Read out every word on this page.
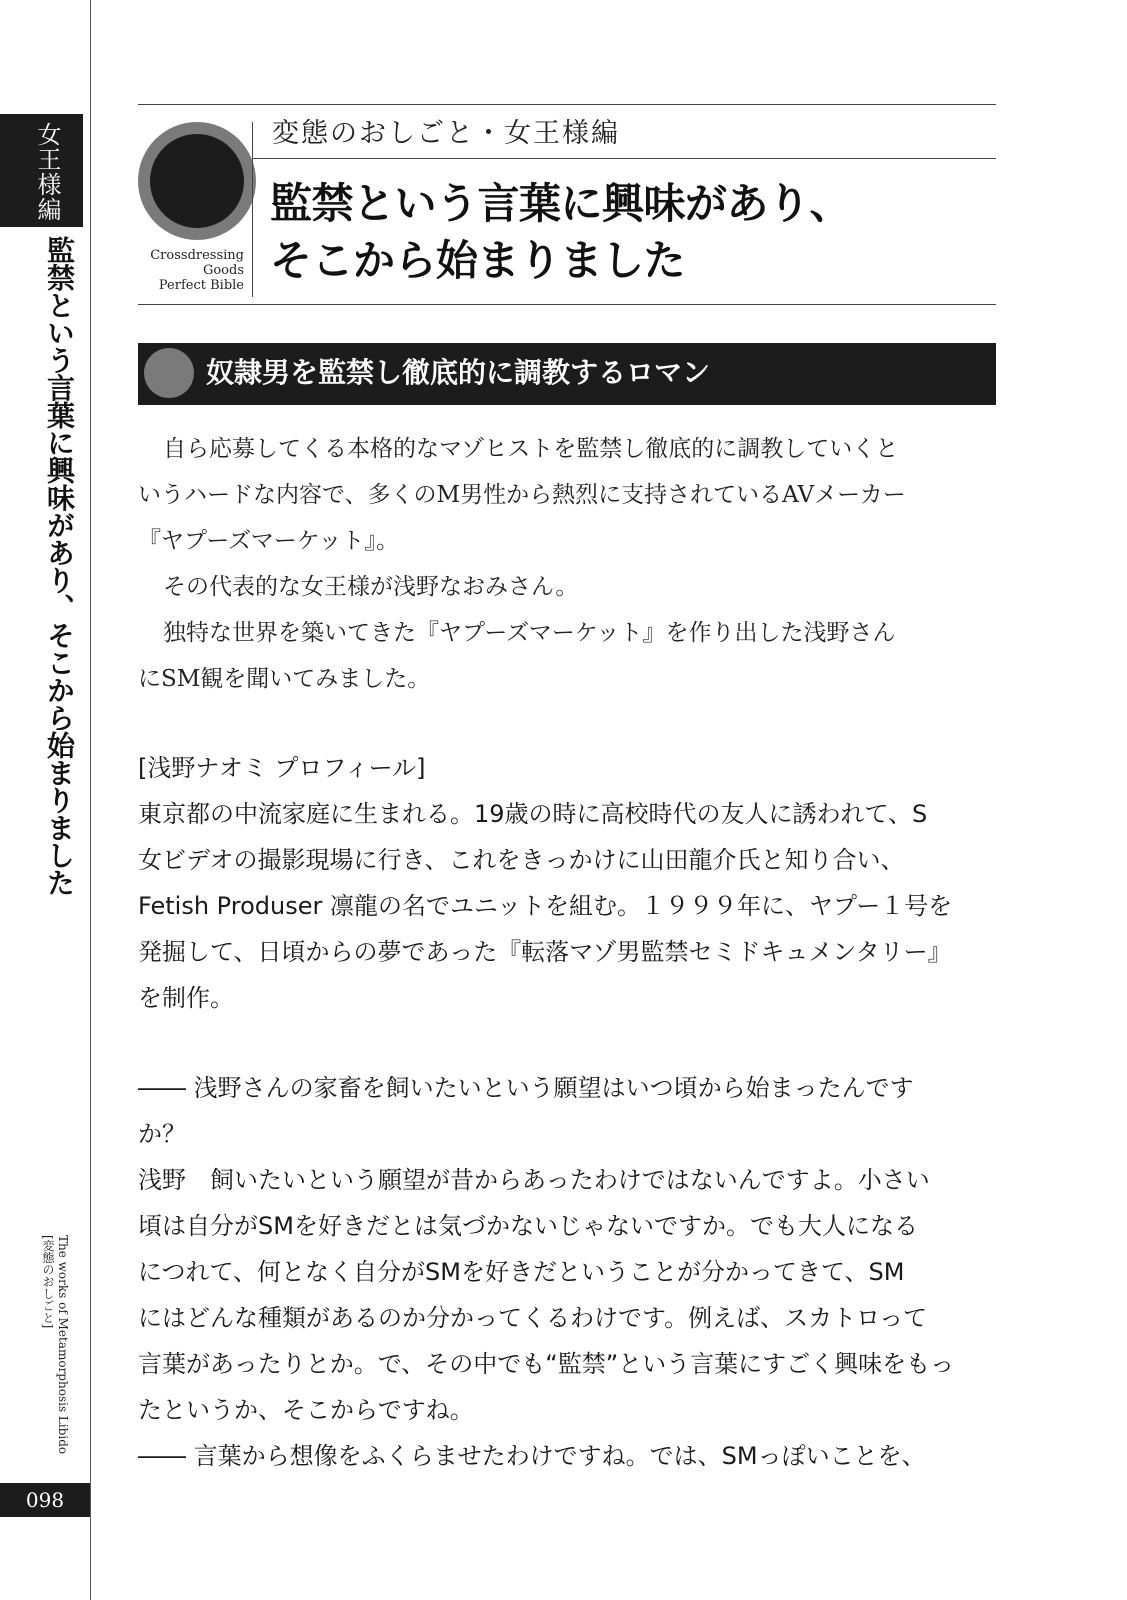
女王様編
監禁という言葉に興味があり、そこから始まりました
The works of Metamorphosis Libido
[変態のおしごと]
098
Crossdressing
Goods
Perfect Bible
変態のおしごと・女王様編
監禁という言葉に興味があり、
そこから始まりました
奴隷男を監禁し徹底的に調教するロマン

自ら応募してくる本格的なマゾヒストを監禁し徹底的に調教していくと

いうハードな内容で、多くのM男性から熱烈に支持されているAVメーカー

『ヤプーズマーケット』。

その代表的な女王様が浅野なおみさん。

独特な世界を築いてきた『ヤプーズマーケット』を作り出した浅野さん

にSM観を聞いてみました。

[浅野ナオミ プロフィール]

東京都の中流家庭に生まれる。19歳の時に高校時代の友人に誘われて、S

女ビデオの撮影現場に行き、これをきっかけに山田龍介氏と知り合い、

Fetish Produser 凛龍の名でユニットを組む。１９９９年に、ヤプー１号を

発掘して、日頃からの夢であった『転落マゾ男監禁セミドキュメンタリー』

を制作。

―― 浅野さんの家畜を飼いたいという願望はいつ頃から始まったんです

か？

浅野　飼いたいという願望が昔からあったわけではないんですよ。小さい

頃は自分がSMを好きだとは気づかないじゃないですか。でも大人になる

につれて、何となく自分がSMを好きだということが分かってきて、SM

にはどんな種類があるのか分かってくるわけです。例えば、スカトロって

言葉があったりとか。で、その中でも“監禁”という言葉にすごく興味をもっ

たというか、そこからですね。

―― 言葉から想像をふくらませたわけですね。では、SMっぽいことを、
